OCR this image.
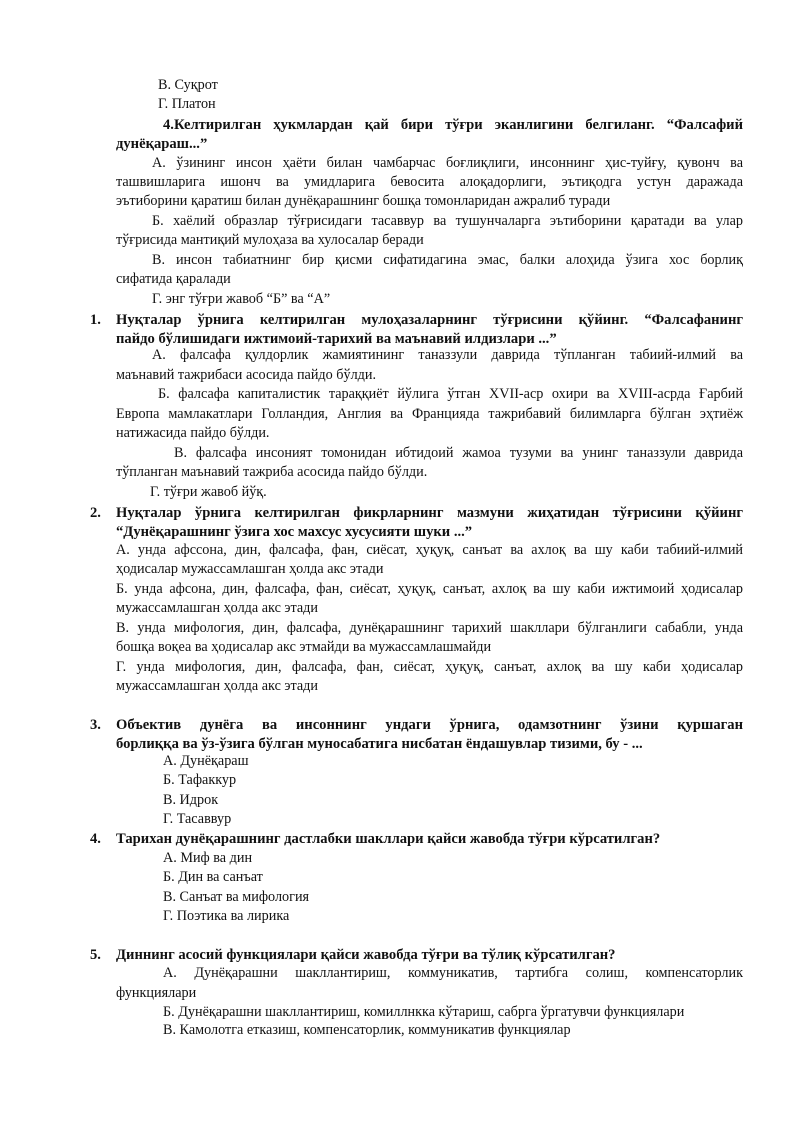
В. Суқрот
Г. Платон
4.Келтирилган ҳукмлардан қай бири тўғри эканлигини белгиланг. “Фалсафий
дунёқараш...”
А. ўзининг инсон ҳаёти билан чамбарчас боғлиқлиги, инсоннинг ҳис-туйғу, қувонч ва
ташвишларига ишонч ва умидларига бевосита алоқадорлиги, эътиқодга устун даражада
эътиборини қаратиш билан дунёқарашнинг бошқа томонларидан ажралиб туради
Б. хаёлий образлар тўғрисидаги тасаввур ва тушунчаларга эътиборини қаратади ва улар
тўғрисида мантиқий мулоҳаза ва хулосалар беради
В. инсон табиатнинг бир қисми сифатидагина эмас, балки алоҳида ўзига хос борлиқ
сифатида қаралади
Г. энг тўғри жавоб “Б” ва “А”
1. Нуқталар ўрнига келтирилган мулоҳазаларнинг тўғрисини қўйинг. “Фалсафанинг
пайдо бўлишидаги ижтимоий-тарихий ва маънавий илдизлари ...”
А. фалсафа қулдорлик жамиятининг таназзули даврида тўпланган табиий-илмий ва
маънавий тажрибаси асосида пайдо бўлди.
Б. фалсафа капиталистик тараққиёт йўлига ўтган XVII-аср охири ва XVIII-асрда Ғарбий
Европа мамлакатлари Голландия, Англия ва Францияда тажрибавий билимларга бўлган эҳтиёж
натижасида пайдо бўлди.
В. фалсафа инсоният томонидан ибтидоий жамоа тузуми ва унинг таназзули даврида
тўпланган маънавий тажриба асосида пайдо бўлди.
Г. тўғри жавоб йўқ.
2. Нуқталар ўрнига келтирилган фикрларнинг мазмуни жиҳатидан тўғрисини қўйинг
“Дунёқарашнинг ўзига хос махсус хусусияти шуки ...”
А. унда афсcона, дин, фалсафа, фан, сиёсат, ҳуқуқ, санъат ва ахлоқ ва шу каби табиий-илмий
ҳодисалар мужассамлашган ҳолда акс этади
Б. унда афсона, дин, фалсафа, фан, сиёсат, ҳуқуқ, санъат, ахлоқ ва шу каби ижтимоий ҳодисалар
мужассамлашган ҳолда акс этади
В. унда мифология, дин, фалсафа, дунёқарашнинг тарихий шакллари бўлганлиги сабабли, унда
бошқа воқеа ва ҳодисалар акс этмайди ва мужассамлашмайди
Г. унда мифология, дин, фалсафа, фан, сиёсат, ҳуқуқ, санъат, ахлоқ ва шу каби ҳодисалар
мужассамлашган ҳолда акс этади
3. Объектив дунёга ва инсоннинг ундаги ўрнига, одамзотнинг ўзини қуршаган
борлиққа ва ўз-ўзига бўлган муносабатига нисбатан ёндашувлар тизими, бу - ...
А. Дунёқараш
Б. Тафаккур
В. Идрок
Г. Тасаввур
4. Тарихан дунёқарашнинг дастлабки шакллари қайси жавобда тўғри кўрсатилган?
А. Миф ва дин
Б. Дин ва санъат
В. Санъат ва мифология
Г. Поэтика ва лирика
5. Диннинг асосий функциялари қайси жавобда тўғри ва тўлиқ кўрсатилган?
А. Дунёқарашни шакллантириш, коммуникатив, тартибга солиш, компенсаторлик
функциялари
Б. Дунёқарашни шакллантириш, комиллнкка кўтариш, сабрга ўргатувчи функциялари
В. Камолотга етказиш, компенсаторлик, коммуникатив функциялар
